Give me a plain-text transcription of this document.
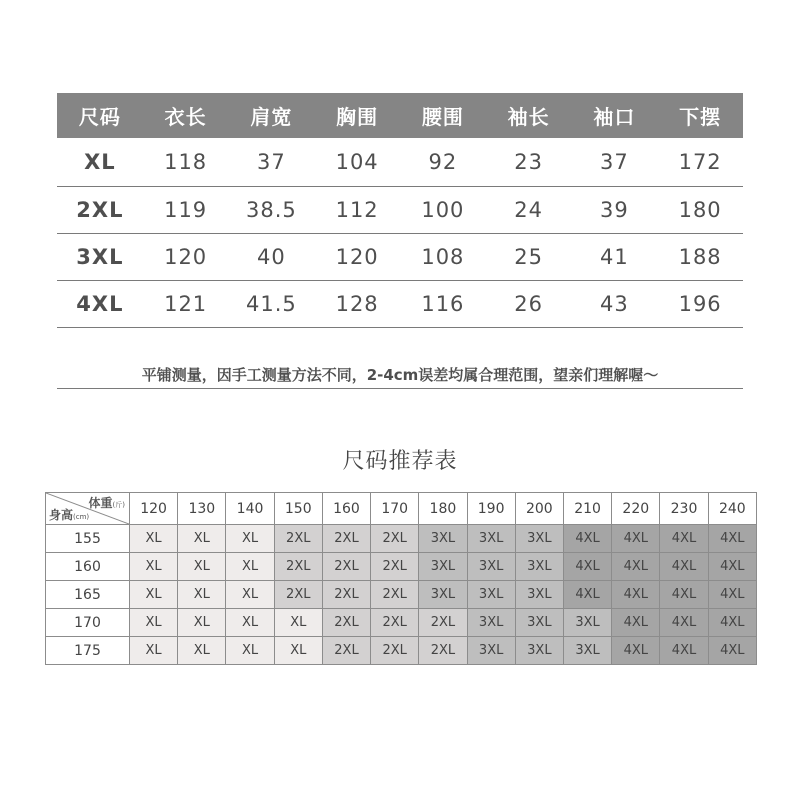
尺码	衣长	肩宽	胸围	腰围	袖长	袖口	下摆
XL	118	37	104	92	23	37	172
2XL	119	38.5	112	100	24	39	180
3XL	120	40	120	108	25	41	188
4XL	121	41.5	128	116	26	43	196
平铺测量，因手工测量方法不同，2-4cm误差均属合理范围，望亲们理解喔～
尺码推荐表
体重(斤)
身高(cm)	120	130	140	150	160	170	180	190	200	210	220	230	240
155	XL	XL	XL	2XL	2XL	2XL	3XL	3XL	3XL	4XL	4XL	4XL	4XL
160	XL	XL	XL	2XL	2XL	2XL	3XL	3XL	3XL	4XL	4XL	4XL	4XL
165	XL	XL	XL	2XL	2XL	2XL	3XL	3XL	3XL	4XL	4XL	4XL	4XL
170	XL	XL	XL	XL	2XL	2XL	2XL	3XL	3XL	3XL	4XL	4XL	4XL
175	XL	XL	XL	XL	2XL	2XL	2XL	3XL	3XL	3XL	4XL	4XL	4XL
